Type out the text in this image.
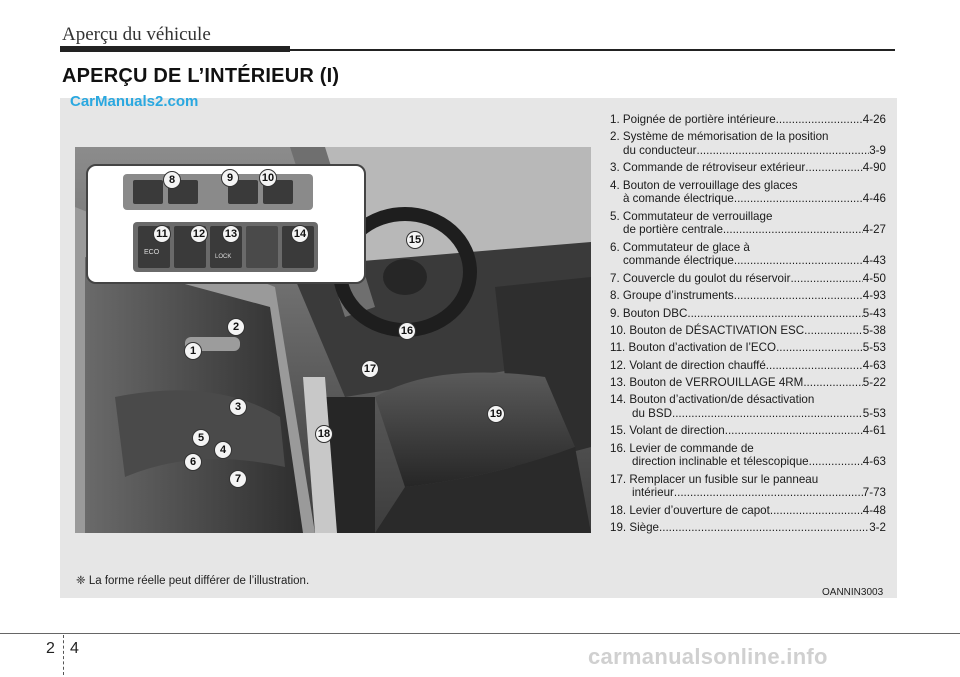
Aperçu du véhicule
APERÇU DE L’INTÉRIEUR (I)
CarManuals2.com
ECO
LOCK
8	9	10
11 12 13	14
1
2
3
4
5
6
7
15
16
17
18
19
1. Poignée de portière intérieure .....	4-26
2. Système de mémorisation de la position
du conducteur .....	3-9
3. Commande de rétroviseur extérieur .....	4-90
4. Bouton de verrouillage des glaces
à comande électrique .....	4-46
5. Commutateur de verrouillage
de portière centrale .....	4-27
6. Commutateur de glace à
commande électrique .....	4-43
7. Couvercle du goulot du réservoir .....	4-50
8. Groupe d’instruments .....	4-93
9. Bouton DBC .....	5-43
10. Bouton de DÉSACTIVATION ESC .....	5-38
11. Bouton d’activation de l’ECO .....	5-53
12. Volant de direction chauffé .....	4-63
13. Bouton de VERROUILLAGE 4RM .....	5-22
14. Bouton d’activation/de désactivation
du BSD .....	5-53
15. Volant de direction .....	4-61
16. Levier de commande de
direction inclinable et télescopique .....	4-63
17. Remplacer un fusible sur le panneau
intérieur .....	7-73
18. Levier d’ouverture de capot .....	4-48
19. Siège .....	3-2
❈ La forme réelle peut différer de l’illustration.
OANNIN3003
2 4	carmanualsonline.info
